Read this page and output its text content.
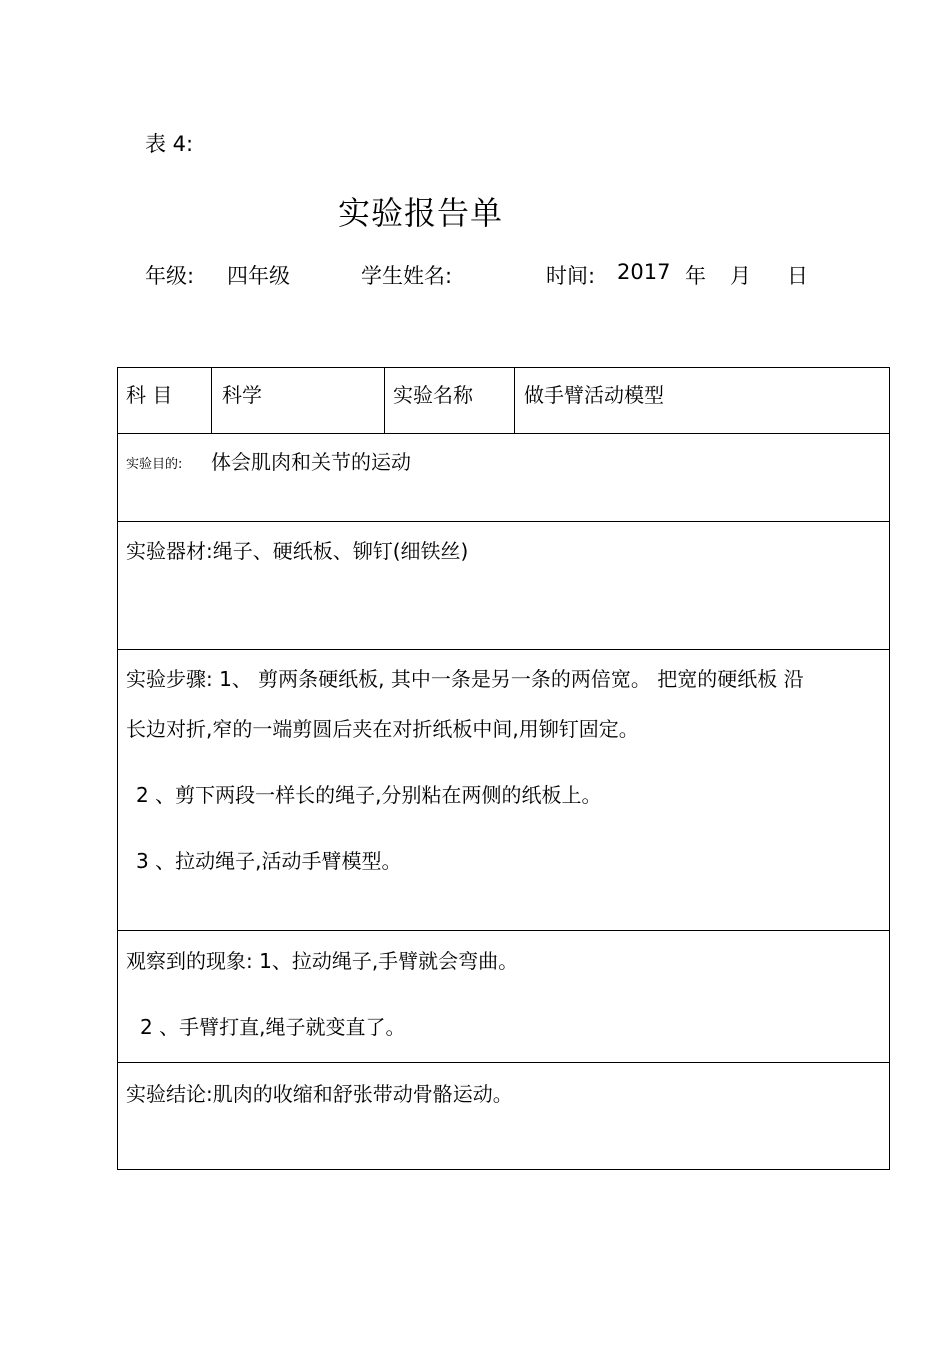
表 4:
实验报告单
年级: 四年级	学生姓名:	时间: 2017 年 月 日
科 目 科学	实验名称	做手臂活动模型
实验目的: 体会肌肉和关节的运动
实验器材:绳子、硬纸板、铆钉(细铁丝)
实验步骤: 1、 剪两条硬纸板, 其中一条是另一条的两倍宽。 把宽的硬纸板 沿
长边对折,窄的一端剪圆后夹在对折纸板中间,用铆钉固定。
2 、剪下两段一样长的绳子,分别粘在两侧的纸板上。
3 、拉动绳子,活动手臂模型。
观察到的现象: 1、拉动绳子,手臂就会弯曲。
2 、手臂打直,绳子就变直了。
实验结论:肌肉的收缩和舒张带动骨骼运动。
